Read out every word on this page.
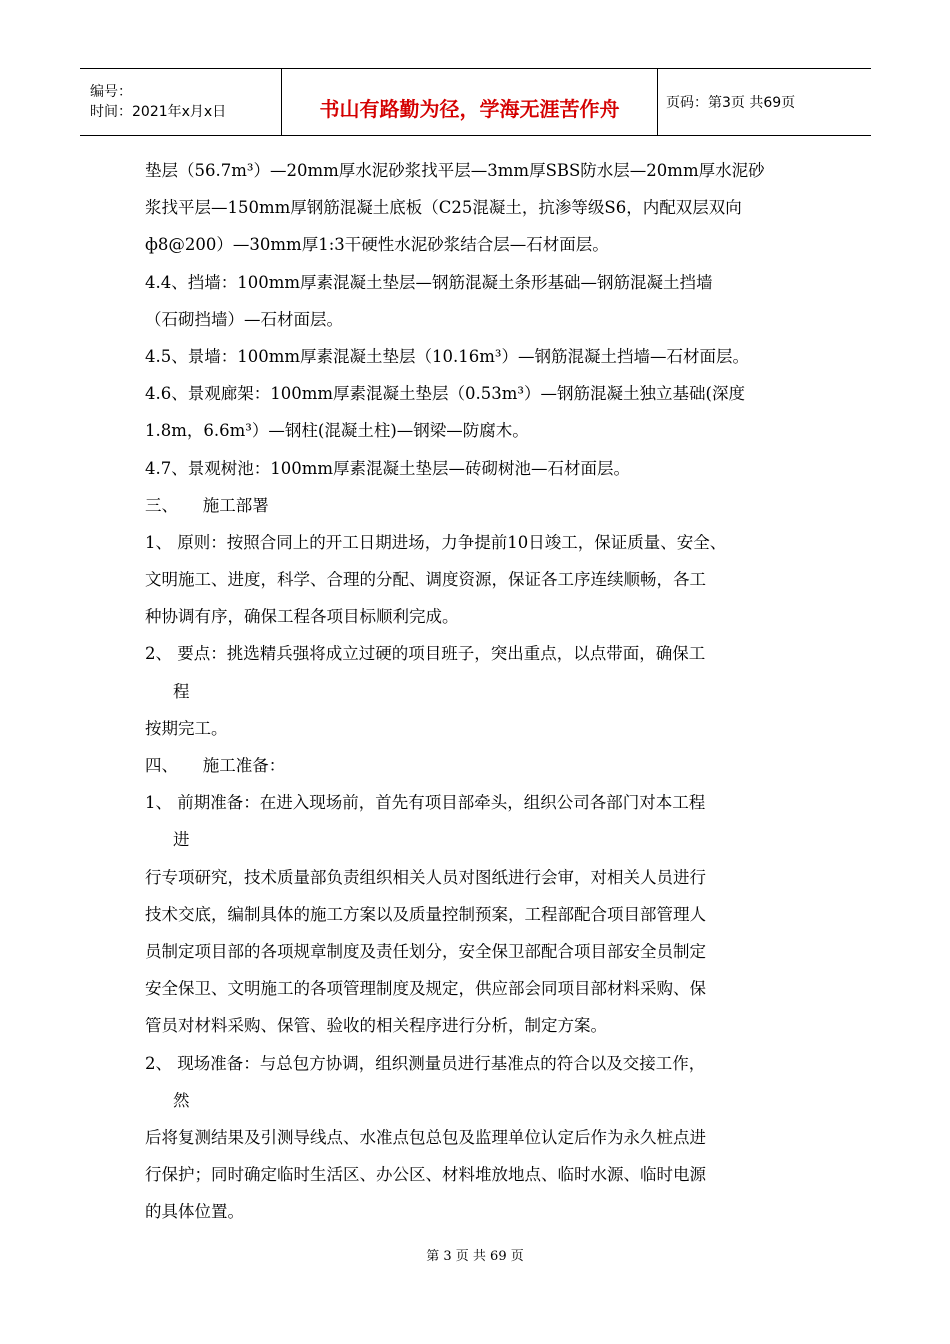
编号：
时间：2021年x月x日	书山有路勤为径，学海无涯苦作舟	页码：第3页 共69页
垫层（56.7m³）—20mm厚水泥砂浆找平层—3mm厚SBS防水层—20mm厚水泥砂
浆找平层—150mm厚钢筋混凝土底板（C25混凝土，抗渗等级S6，内配双层双向
ф8@200）—30mm厚1:3干硬性水泥砂浆结合层—石材面层。
4.4、挡墙：100mm厚素混凝土垫层—钢筋混凝土条形基础—钢筋混凝土挡墙
（石砌挡墙）—石材面层。
4.5、景墙：100mm厚素混凝土垫层（10.16m³）—钢筋混凝土挡墙—石材面层。
4.6、景观廊架：100mm厚素混凝土垫层（0.53m³）—钢筋混凝土独立基础(深度
1.8m，6.6m³）—钢柱(混凝土柱)—钢梁—防腐木。
4.7、景观树池：100mm厚素混凝土垫层—砖砌树池—石材面层。
三、　　施工部署
1、 原则：按照合同上的开工日期进场，力争提前10日竣工，保证质量、安全、
文明施工、进度，科学、合理的分配、调度资源，保证各工序连续顺畅，各工
种协调有序，确保工程各项目标顺利完成。
2、 要点：挑选精兵强将成立过硬的项目班子，突出重点，以点带面，确保工
程
按期完工。
四、　　施工准备：
1、 前期准备：在进入现场前，首先有项目部牵头，组织公司各部门对本工程
进
行专项研究，技术质量部负责组织相关人员对图纸进行会审，对相关人员进行
技术交底，编制具体的施工方案以及质量控制预案，工程部配合项目部管理人
员制定项目部的各项规章制度及责任划分，安全保卫部配合项目部安全员制定
安全保卫、文明施工的各项管理制度及规定，供应部会同项目部材料采购、保
管员对材料采购、保管、验收的相关程序进行分析，制定方案。
2、 现场准备：与总包方协调，组织测量员进行基准点的符合以及交接工作，
然
后将复测结果及引测导线点、水准点包总包及监理单位认定后作为永久桩点进
行保护；同时确定临时生活区、办公区、材料堆放地点、临时水源、临时电源
的具体位置。
第 3 页 共 69 页
